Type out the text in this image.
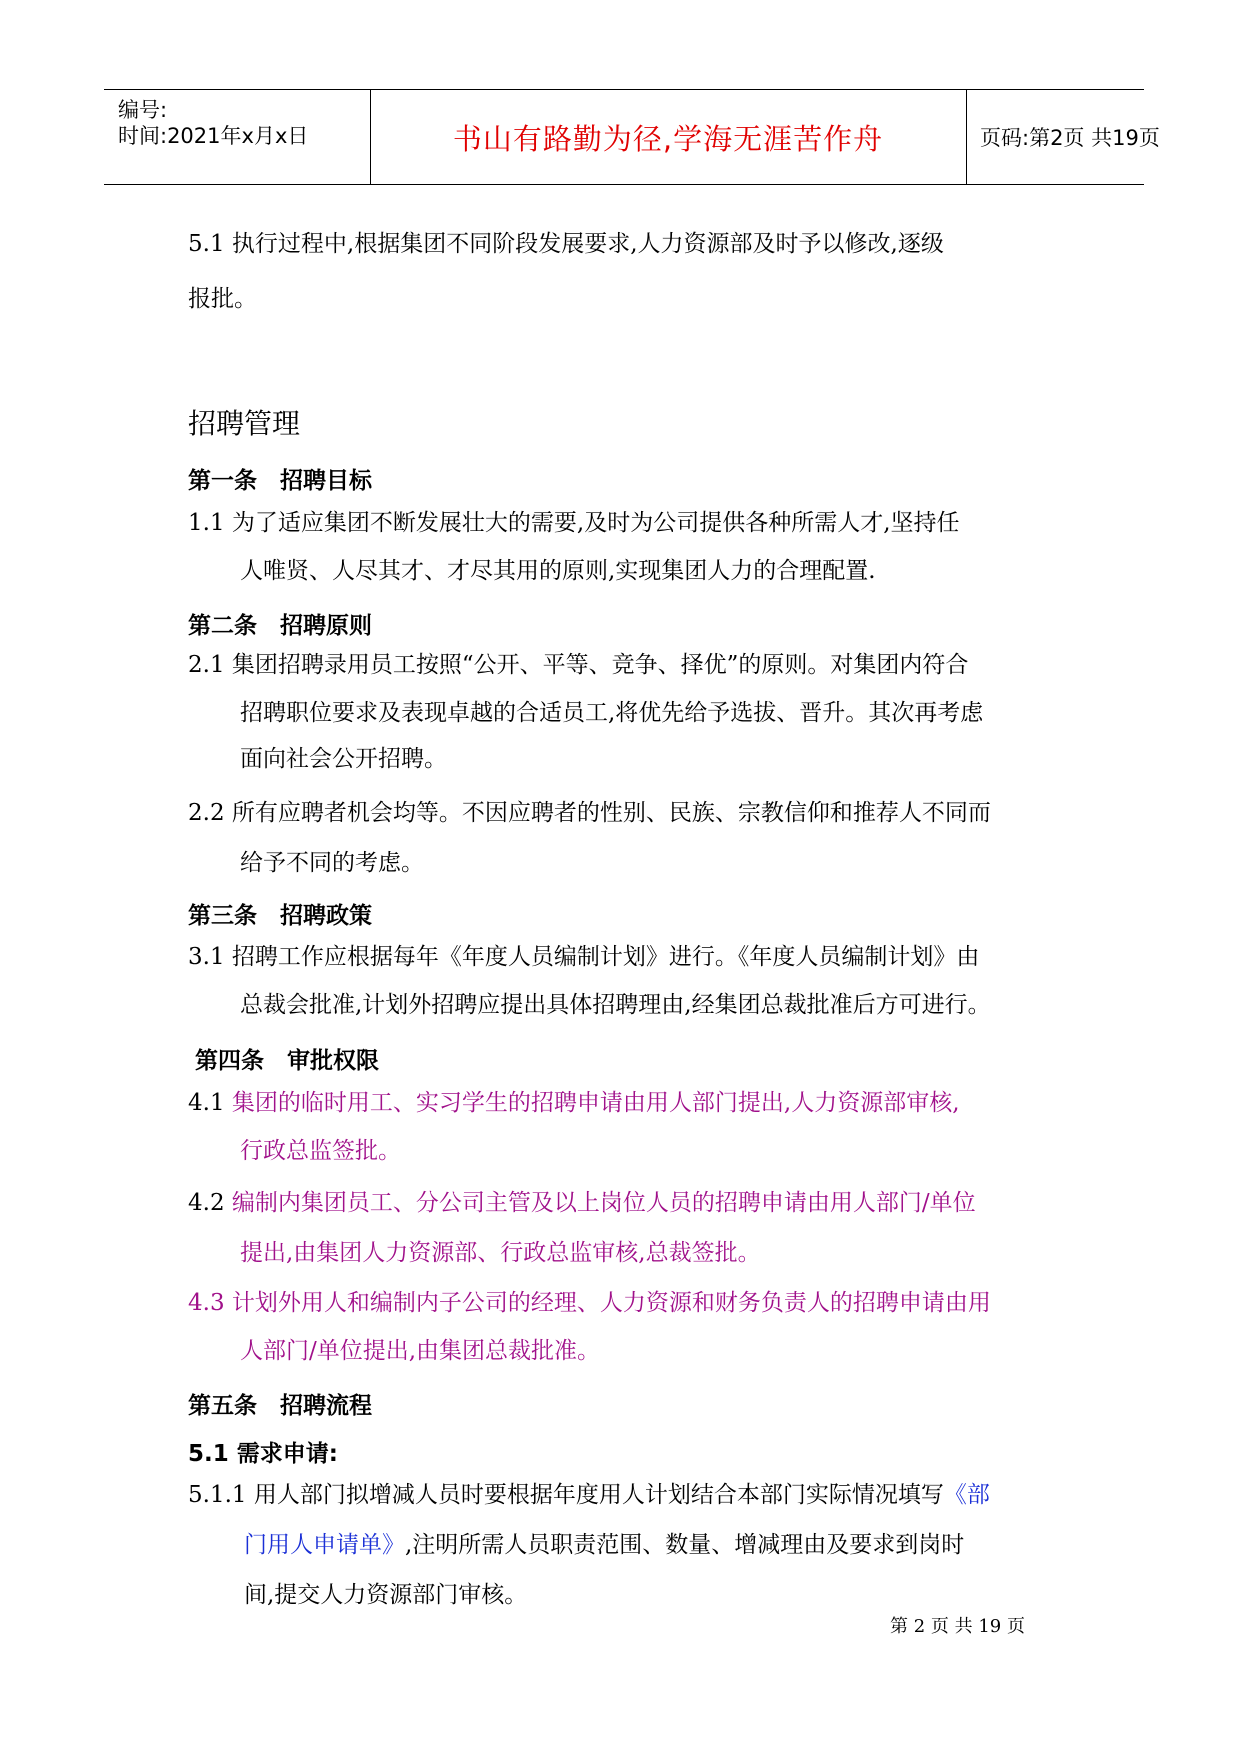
编号:
时间:2021年x月x日	书山有路勤为径,学海无涯苦作舟	页码:第2页 共19页
5.1 执行过程中,根据集团不同阶段发展要求,人力资源部及时予以修改,逐级
报批。
招聘管理
第一条　招聘目标
1.1 为了适应集团不断发展壮大的需要,及时为公司提供各种所需人才,坚持任
人唯贤、人尽其才、才尽其用的原则,实现集团人力的合理配置.
第二条　招聘原则
2.1 集团招聘录用员工按照“公开、平等、竞争、择优”的原则。对集团内符合
招聘职位要求及表现卓越的合适员工,将优先给予选拔、晋升。其次再考虑
面向社会公开招聘。
2.2 所有应聘者机会均等。不因应聘者的性别、民族、宗教信仰和推荐人不同而
给予不同的考虑。
第三条　招聘政策
3.1 招聘工作应根据每年《年度人员编制计划》进行。《年度人员编制计划》由
总裁会批准,计划外招聘应提出具体招聘理由,经集团总裁批准后方可进行。
第四条　审批权限
4.1 集团的临时用工、实习学生的招聘申请由用人部门提出,人力资源部审核,
行政总监签批。
4.2 编制内集团员工、分公司主管及以上岗位人员的招聘申请由用人部门/单位
提出,由集团人力资源部、行政总监审核,总裁签批。
4.3 计划外用人和编制内子公司的经理、人力资源和财务负责人的招聘申请由用
人部门/单位提出,由集团总裁批准。
第五条　招聘流程
5.1 需求申请:
5.1.1 用人部门拟增减人员时要根据年度用人计划结合本部门实际情况填写《部
门用人申请单》,注明所需人员职责范围、数量、增减理由及要求到岗时
间,提交人力资源部门审核。
第 2 页 共 19 页
